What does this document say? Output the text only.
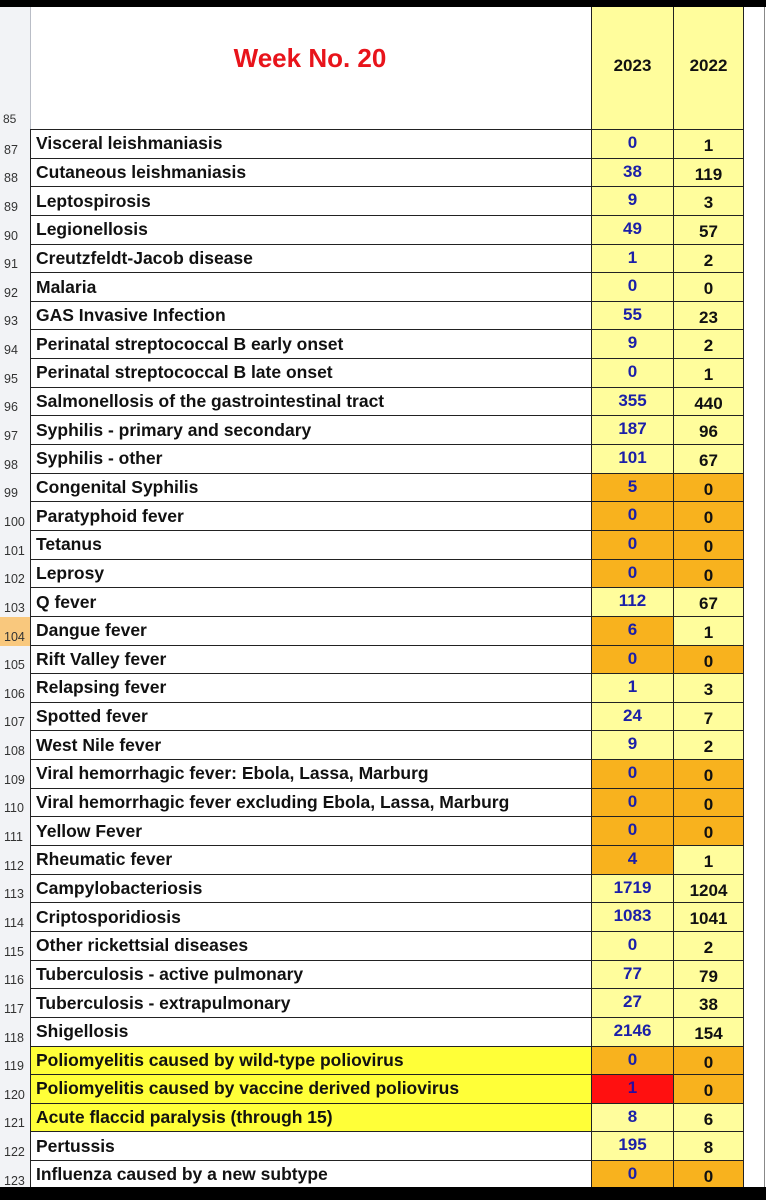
85
Week No. 20	2023	2022
87	Visceral leishmaniasis	0	1
88	Cutaneous leishmaniasis	38	119
89	Leptospirosis	9	3
90	Legionellosis	49	57
91	Creutzfeldt-Jacob disease	1	2
92	Malaria	0	0
93	GAS Invasive Infection	55	23
94	Perinatal streptococcal B early onset	9	2
95	Perinatal streptococcal B late onset	0	1
96	Salmonellosis of the gastrointestinal tract	355	440
97	Syphilis - primary and secondary	187	96
98	Syphilis - other	101	67
99	Congenital Syphilis	5	0
100 Paratyphoid fever	0	0
101 Tetanus	0	0
102 Leprosy	0	0
103 Q fever	112	67
104 Dangue fever	6	1
105 Rift Valley fever	0	0
106 Relapsing fever	1	3
107 Spotted fever	24	7
108 West Nile fever	9	2
109 Viral hemorrhagic fever: Ebola, Lassa, Marburg	0	0
110 Viral hemorrhagic fever excluding Ebola, Lassa, Marburg	0	0
111 Yellow Fever	0	0
112 Rheumatic fever	4	1
113 Campylobacteriosis	1719	1204
114 Criptosporidiosis	1083	1041
115 Other rickettsial diseases	0	2
116 Tuberculosis - active pulmonary	77	79
117 Tuberculosis - extrapulmonary	27	38
118 Shigellosis	2146	154
119 Poliomyelitis caused by wild-type poliovirus	0	0
120 Poliomyelitis caused by vaccine derived poliovirus	1	0
121 Acute flaccid paralysis (through 15)	8	6
122 Pertussis	195	8
123 Influenza caused by a new subtype	0	0
